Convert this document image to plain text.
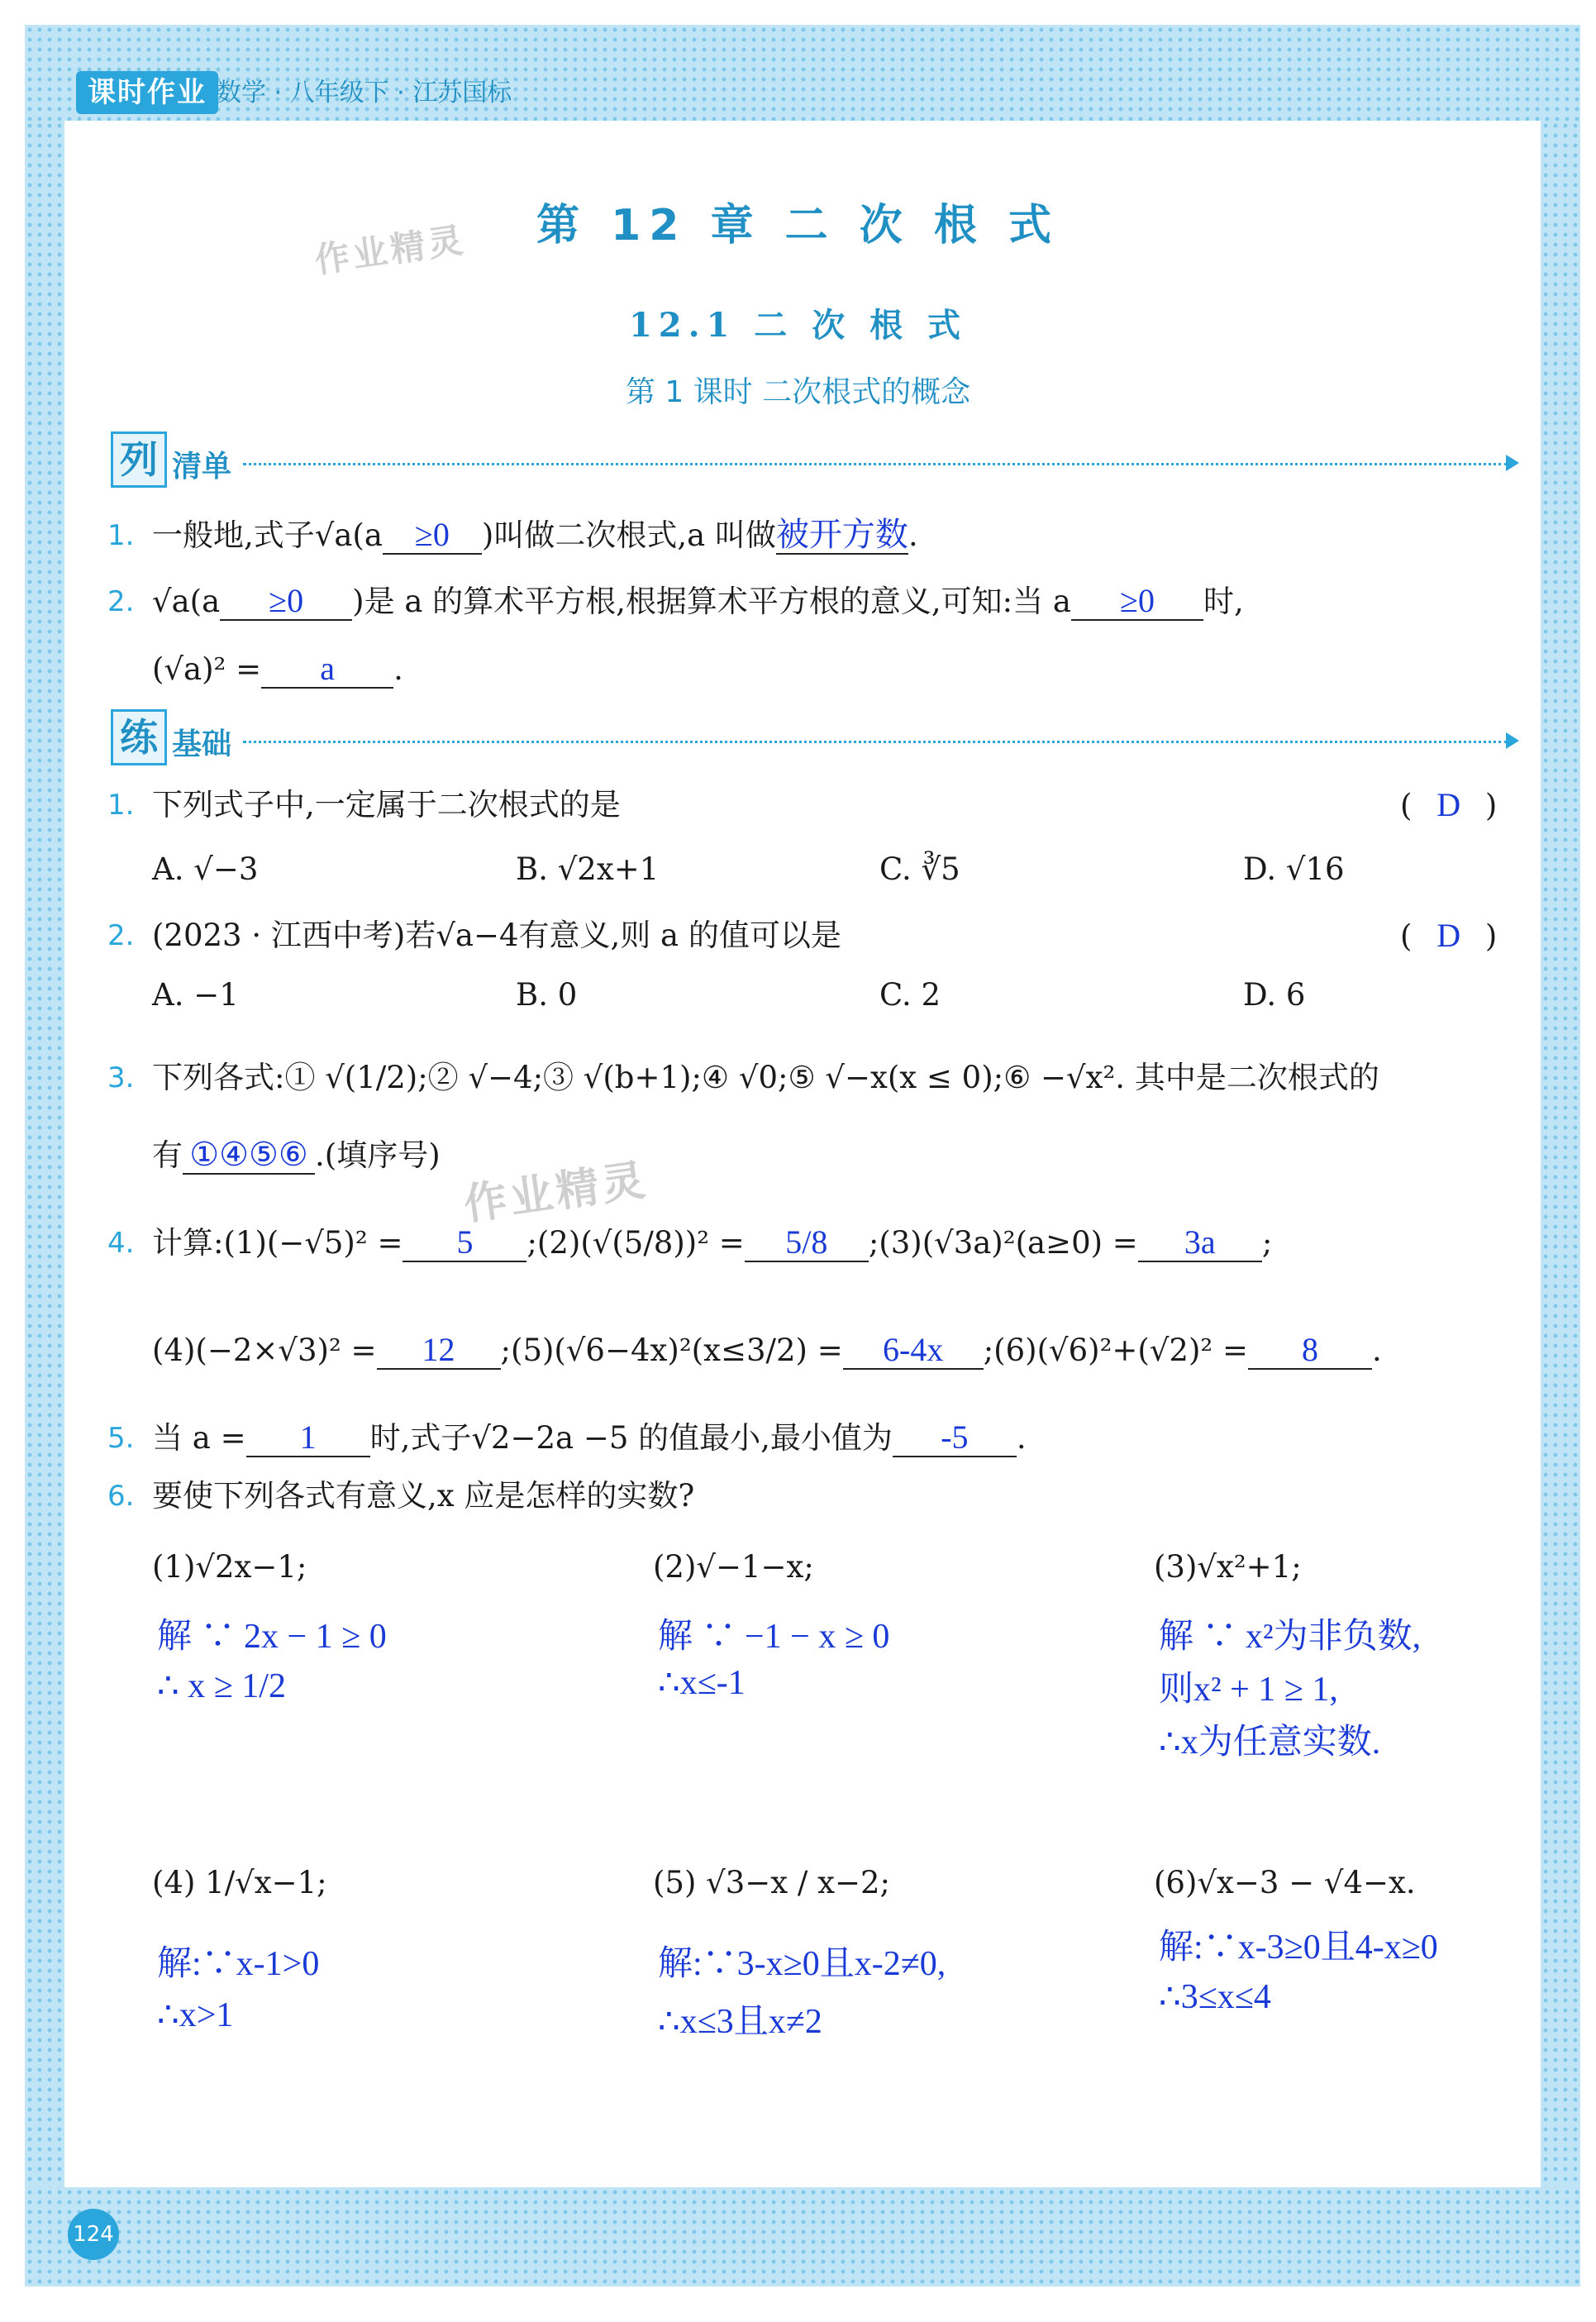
课时作业 数学 · 八年级下 · 江苏国标
第 12 章 二 次 根 式
作业精灵
12.1 二 次 根 式
第 1 课时 二次根式的概念
列 清单
1. 一般地,式子√a(a ≥0 )叫做二次根式,a 叫做被开方数.
2. √a(a ≥0 )是 a 的算术平方根,根据算术平方根的意义,可知:当 a ≥0 时,
(√a)² = a .
练 基础
1. 下列式子中,一定属于二次根式的是	( D )
A. √−3	B. √2x+1	C. ∛5	D. √16
2. (2023 · 江西中考)若√a−4有意义,则 a 的值可以是	( D )
A. −1	B. 0	C. 2	D. 6
3. 下列各式:① √(1/2);② √−4;③ √(b+1);④ √0;⑤ √−x(x ≤ 0);⑥ −√x². 其中是二次根式的
有 ①④⑤⑥ .(填序号)
作业精灵
4. 计算:(1)(−√5)² = 5 ;(2)(√(5/8))² = 5/8 ;(3)(√3a)²(a≥0) = 3a ;
(4)(−2×√3)² = 12 ;(5)(√6−4x)²(x≤3/2) = 6-4x ;(6)(√6)²+(√2)² = 8 .
5. 当 a = 1 时,式子√2−2a −5 的值最小,最小值为 -5 .
6. 要使下列各式有意义,x 应是怎样的实数?
(1)√2x−1;
解 ∵ 2x − 1 ≥ 0
∴ x ≥ 1/2
(2)√−1−x;
解 ∵ −1 − x ≥ 0
∴x≤-1
(3)√x²+1;
解 ∵ x²为非负数,
则x² + 1 ≥ 1,
∴x为任意实数.
(4) 1/√x−1;
解:∵x-1>0
∴x>1
(5) √3−x / x−2;
解:∵3-x≥0且x-2≠0,
∴x≤3且x≠2
(6)√x−3 − √4−x.
解:∵x-3≥0且4-x≥0
∴3≤x≤4
124
